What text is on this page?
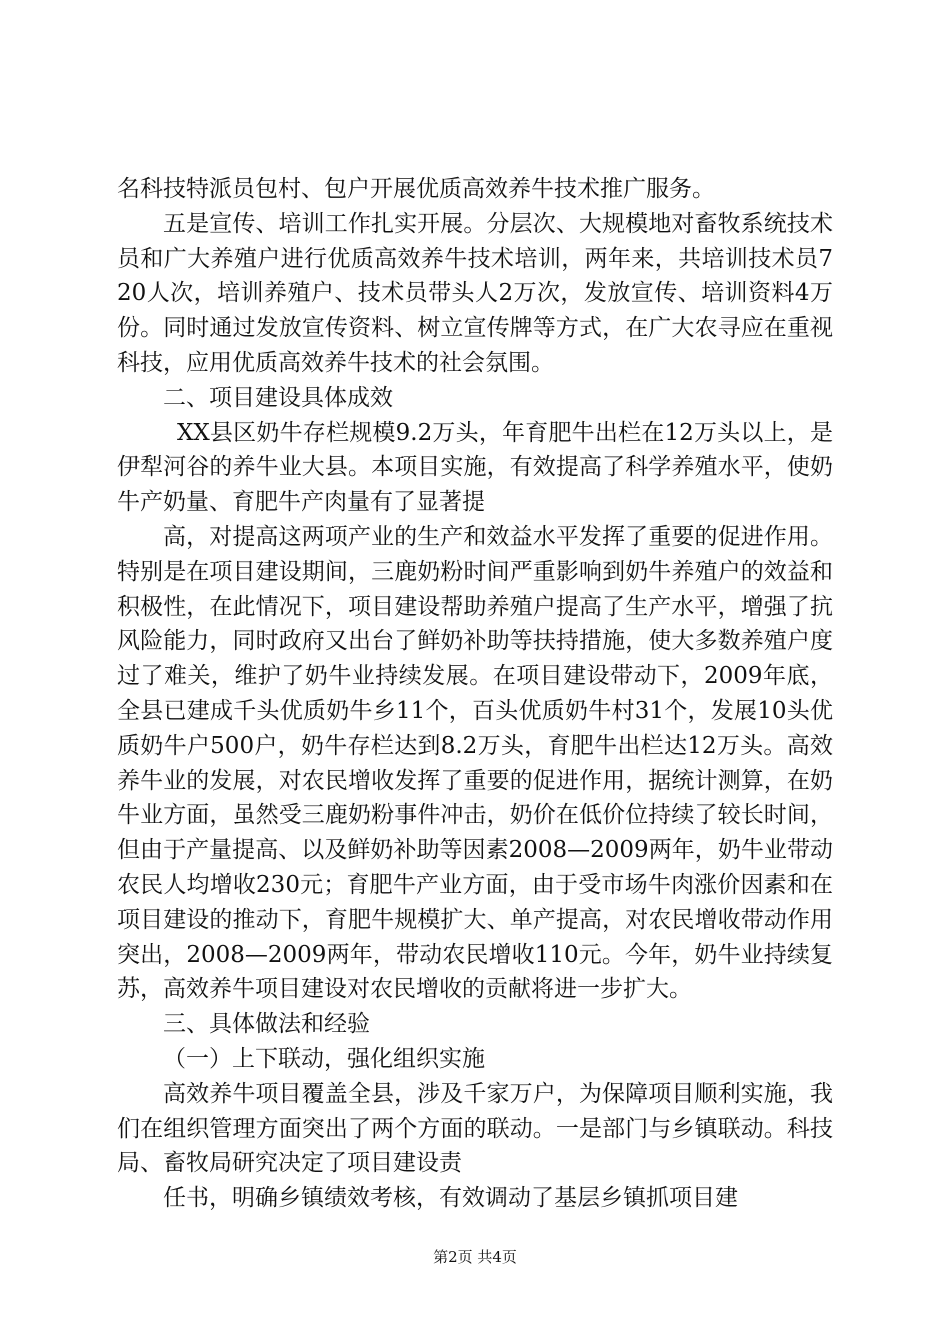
名科技特派员包村、包户开展优质高效养牛技术推广服务。

五是宣传、培训工作扎实开展。分层次、大规模地对畜牧系统技术员和广大养殖户进行优质高效养牛技术培训，两年来，共培训技术员720人次，培训养殖户、技术员带头人2万次，发放宣传、培训资料4万份。同时通过发放宣传资料、树立宣传牌等方式，在广大农寻应在重视科技，应用优质高效养牛技术的社会氛围。

二、项目建设具体成效

XX县区奶牛存栏规模9.2万头，年育肥牛出栏在12万头以上，是伊犁河谷的养牛业大县。本项目实施，有效提高了科学养殖水平，使奶牛产奶量、育肥牛产肉量有了显著提

高，对提高这两项产业的生产和效益水平发挥了重要的促进作用。特别是在项目建设期间，三鹿奶粉时间严重影响到奶牛养殖户的效益和积极性，在此情况下，项目建设帮助养殖户提高了生产水平，增强了抗风险能力，同时政府又出台了鲜奶补助等扶持措施，使大多数养殖户度过了难关，维护了奶牛业持续发展。在项目建设带动下，2009年底，全县已建成千头优质奶牛乡11个，百头优质奶牛村31个，发展10头优质奶牛户500户，奶牛存栏达到8.2万头，育肥牛出栏达12万头。高效养牛业的发展，对农民增收发挥了重要的促进作用，据统计测算，在奶牛业方面，虽然受三鹿奶粉事件冲击，奶价在低价位持续了较长时间，但由于产量提高、以及鲜奶补助等因素2008—2009两年，奶牛业带动农民人均增收230元；育肥牛产业方面，由于受市场牛肉涨价因素和在项目建设的推动下，育肥牛规模扩大、单产提高，对农民增收带动作用突出，2008—2009两年，带动农民增收110元。今年，奶牛业持续复苏，高效养牛项目建设对农民增收的贡献将进一步扩大。

三、具体做法和经验

（一）上下联动，强化组织实施

高效养牛项目覆盖全县，涉及千家万户，为保障项目顺利实施，我们在组织管理方面突出了两个方面的联动。一是部门与乡镇联动。科技局、畜牧局研究决定了项目建设责

任书，明确乡镇绩效考核，有效调动了基层乡镇抓项目建

第2页 共4页
